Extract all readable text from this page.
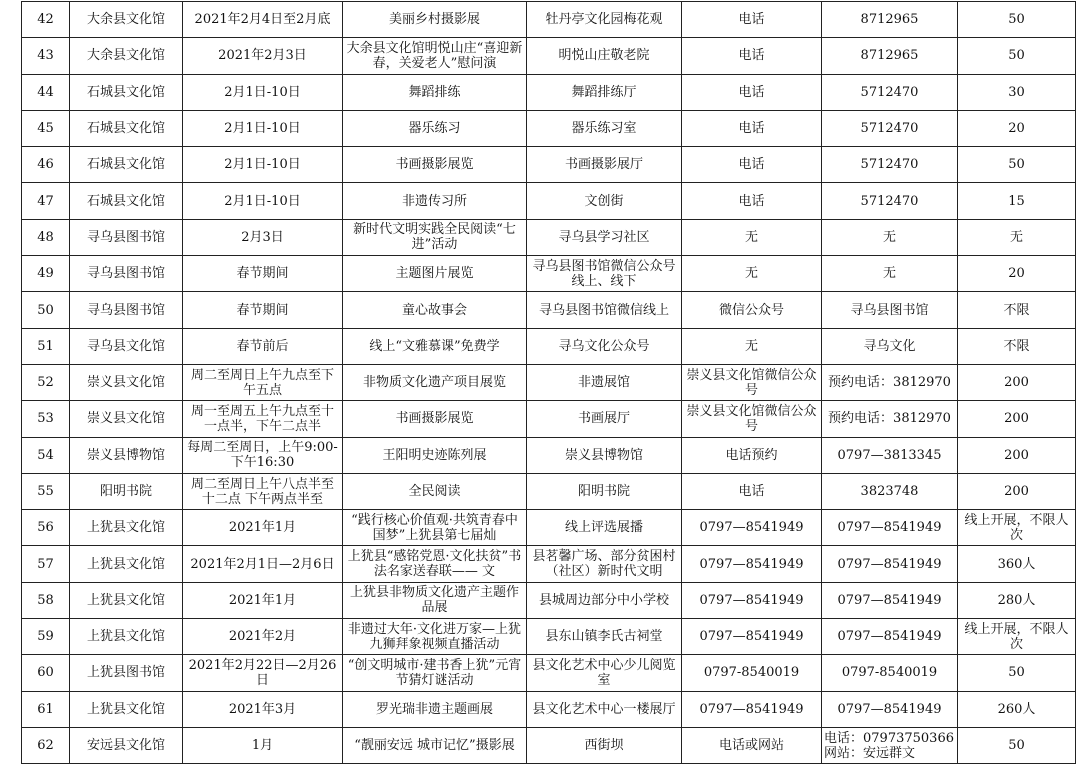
42	大余县文化馆	2021年2月4日至2月底	美丽乡村摄影展	牡丹亭文化园梅花观	电话	8712965	50
43	大余县文化馆	2021年2月3日	大余县文化馆明悦山庄“喜迎新春，关爱老人”慰问演	明悦山庄敬老院	电话	8712965	50
44	石城县文化馆	2月1日-10日	舞蹈排练	舞蹈排练厅	电话	5712470	30
45	石城县文化馆	2月1日-10日	器乐练习	器乐练习室	电话	5712470	20
46	石城县文化馆	2月1日-10日	书画摄影展览	书画摄影展厅	电话	5712470	50
47	石城县文化馆	2月1日-10日	非遗传习所	文创街	电话	5712470	15
48	寻乌县图书馆	2月3日	新时代文明实践全民阅读“七进”活动	寻乌县学习社区	无	无	无
49	寻乌县图书馆	春节期间	主题图片展览	寻乌县图书馆微信公众号线上、线下	无	无	20
50	寻乌县图书馆	春节期间	童心故事会	寻乌县图书馆微信线上	微信公众号	寻乌县图书馆	不限
51	寻乌县文化馆	春节前后	线上“文雅慕课”免费学	寻乌文化公众号	无	寻乌文化	不限
52	崇义县文化馆	周二至周日上午九点至下午五点	非物质文化遗产项目展览	非遗展馆	崇义县文化馆微信公众号	预约电话：3812970	200
53	崇义县文化馆	周一至周五上午九点至十一点半，下午二点半	书画摄影展览	书画展厅	崇义县文化馆微信公众号	预约电话：3812970	200
54	崇义县博物馆	每周二至周日，上午9:00-下午16:30	王阳明史迹陈列展	崇义县博物馆	电话预约	0797—3813345	200
55	阳明书院	周二至周日上午八点半至十二点 下午两点半至	全民阅读	阳明书院	电话	3823748	200
56	上犹县文化馆	2021年1月	“践行核心价值观·共筑青春中国梦”上犹县第七届灿	线上评选展播	0797—8541949	0797—8541949	线上开展，不限人次
57	上犹县文化馆	2021年2月1日—2月6日	上犹县“感铭党恩·文化扶贫”书法名家送春联—— 文	县茗馨广场、部分贫困村（社区）新时代文明	0797—8541949	0797—8541949	360人
58	上犹县文化馆	2021年1月	上犹县非物质文化遗产主题作品展	县城周边部分中小学校	0797—8541949	0797—8541949	280人
59	上犹县文化馆	2021年2月	非遗过大年·文化进万家—上犹九狮拜象视频直播活动	县东山镇李氏古祠堂	0797—8541949	0797—8541949	线上开展，不限人次
60	上犹县图书馆	2021年2月22日—2月26日	“创文明城市·建书香上犹”元宵节猜灯谜活动	县文化艺术中心少儿阅览室	0797-8540019	0797-8540019	50
61	上犹县文化馆	2021年3月	罗光瑞非遗主题画展	县文化艺术中心一楼展厅	0797—8541949	0797—8541949	260人
62	安远县文化馆	1月	“靓丽安远 城市记忆”摄影展	西街坝	电话或网站	电话：07973750366 网站：安远群文	50
